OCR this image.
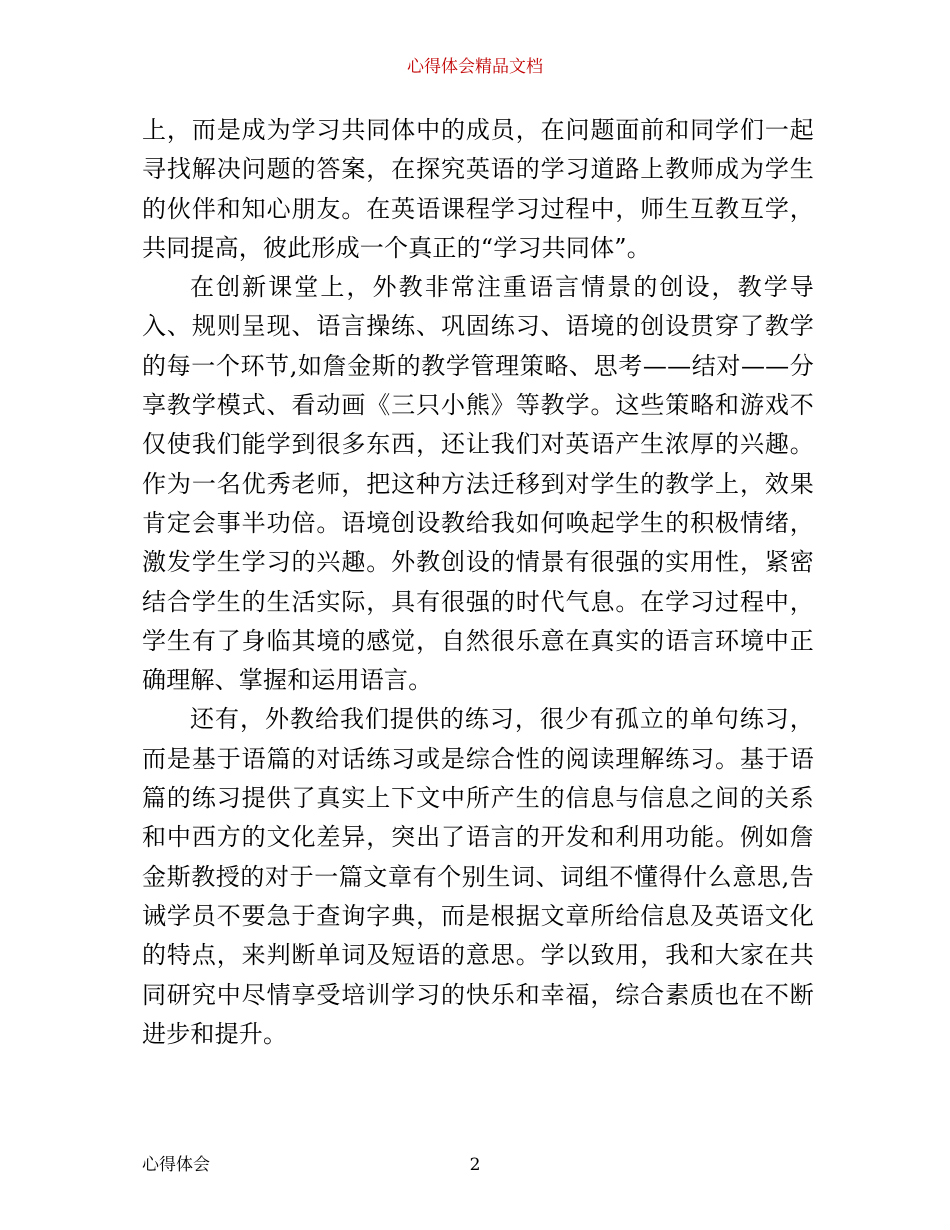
心得体会精品文档

上，而是成为学习共同体中的成员，在问题面前和同学们一起寻找解决问题的答案，在探究英语的学习道路上教师成为学生的伙伴和知心朋友。在英语课程学习过程中，师生互教互学，共同提高，彼此形成一个真正的“学习共同体”。

在创新课堂上，外教非常注重语言情景的创设，教学导入、规则呈现、语言操练、巩固练习、语境的创设贯穿了教学的每一个环节,如詹金斯的教学管理策略、思考——结对——分享教学模式、看动画《三只小熊》等教学。这些策略和游戏不仅使我们能学到很多东西，还让我们对英语产生浓厚的兴趣。作为一名优秀老师，把这种方法迁移到对学生的教学上，效果肯定会事半功倍。语境创设教给我如何唤起学生的积极情绪，激发学生学习的兴趣。外教创设的情景有很强的实用性，紧密结合学生的生活实际，具有很强的时代气息。在学习过程中，学生有了身临其境的感觉，自然很乐意在真实的语言环境中正确理解、掌握和运用语言。

还有，外教给我们提供的练习，很少有孤立的单句练习，而是基于语篇的对话练习或是综合性的阅读理解练习。基于语篇的练习提供了真实上下文中所产生的信息与信息之间的关系和中西方的文化差异，突出了语言的开发和利用功能。例如詹金斯教授的对于一篇文章有个别生词、词组不懂得什么意思,告诫学员不要急于查询字典，而是根据文章所给信息及英语文化的特点，来判断单词及短语的意思。学以致用，我和大家在共同研究中尽情享受培训学习的快乐和幸福，综合素质也在不断进步和提升。

心得体会	2
